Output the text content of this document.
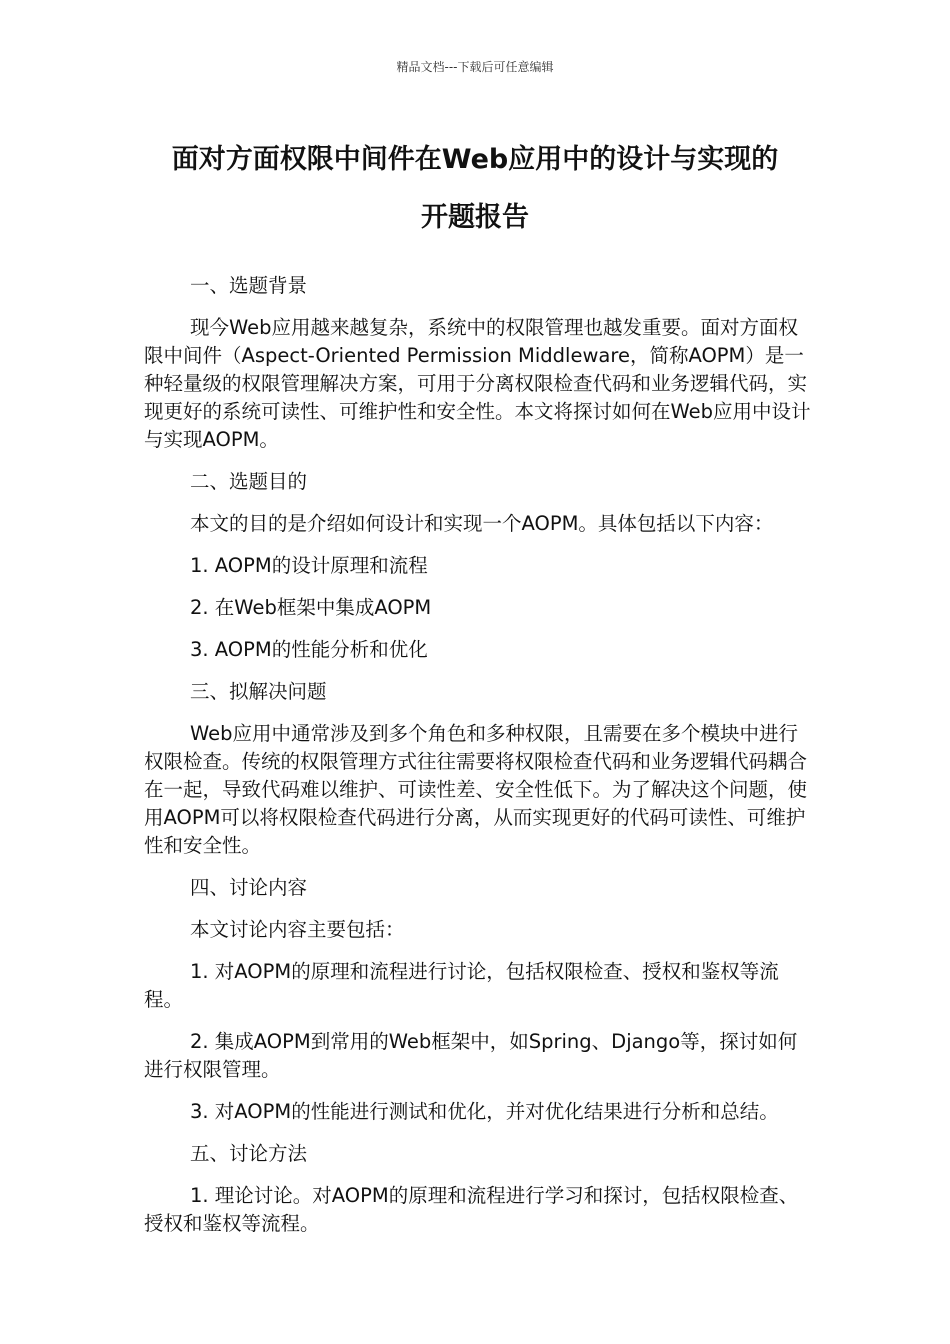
精品文档---下载后可任意编辑
面对方面权限中间件在Web应用中的设计与实现的
开题报告

一、选题背景

现今Web应用越来越复杂，系统中的权限管理也越发重要。面对方面权限中间件（Aspect-Oriented Permission Middleware，简称AOPM）是一种轻量级的权限管理解决方案，可用于分离权限检查代码和业务逻辑代码，实现更好的系统可读性、可维护性和安全性。本文将探讨如何在Web应用中设计与实现AOPM。

二、选题目的

本文的目的是介绍如何设计和实现一个AOPM。具体包括以下内容：

1. AOPM的设计原理和流程

2. 在Web框架中集成AOPM

3. AOPM的性能分析和优化

三、拟解决问题

Web应用中通常涉及到多个角色和多种权限，且需要在多个模块中进行权限检查。传统的权限管理方式往往需要将权限检查代码和业务逻辑代码耦合在一起，导致代码难以维护、可读性差、安全性低下。为了解决这个问题，使用AOPM可以将权限检查代码进行分离，从而实现更好的代码可读性、可维护性和安全性。

四、讨论内容

本文讨论内容主要包括：

1. 对AOPM的原理和流程进行讨论，包括权限检查、授权和鉴权等流程。

2. 集成AOPM到常用的Web框架中，如Spring、Django等，探讨如何进行权限管理。

3. 对AOPM的性能进行测试和优化，并对优化结果进行分析和总结。

五、讨论方法

1. 理论讨论。对AOPM的原理和流程进行学习和探讨，包括权限检查、授权和鉴权等流程。
